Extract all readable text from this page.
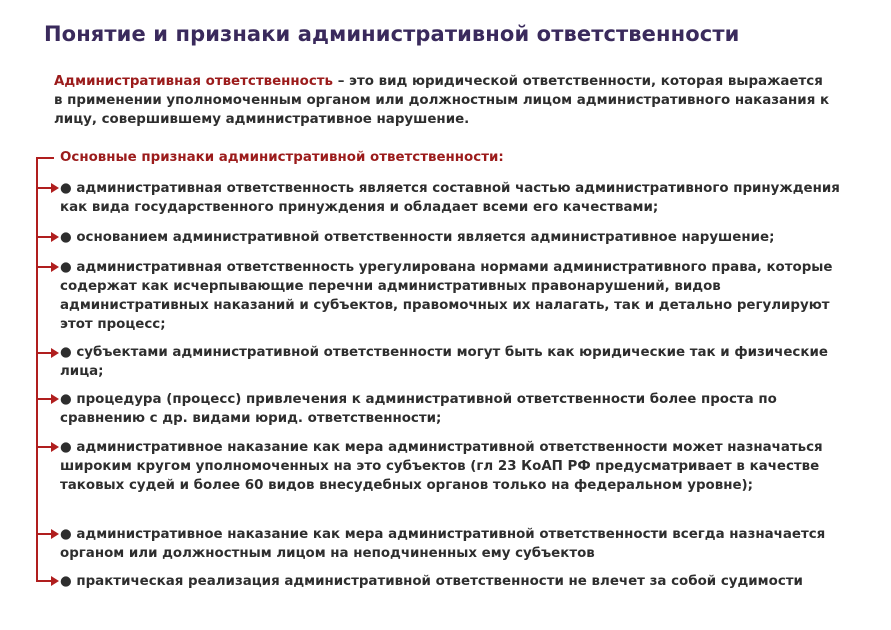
Понятие и признаки административной ответственности
Административная ответственность – это вид юридической ответственности, которая выражается в применении уполномоченным органом или должностным лицом административного наказания к лицу, совершившему административное нарушение.
Основные признаки административной ответственности:
● административная ответственность является составной частью административного принуждения как вида государственного принуждения и обладает всеми его качествами;
● основанием административной ответственности является административное нарушение;
● административная ответственность урегулирована нормами административного права, которые содержат как исчерпывающие перечни административных правонарушений, видов административных наказаний и субъектов, правомочных их налагать, так и детально регулируют этот процесс;
● субъектами административной ответственности могут быть как юридические так и физические лица;
● процедура (процесс) привлечения к административной ответственности более проста по сравнению с др. видами юрид. ответственности;
● административное наказание как мера административной ответственности может назначаться широким кругом уполномоченных на это субъектов (гл 23 КоАП РФ предусматривает в качестве таковых судей и более 60 видов внесудебных органов только на федеральном уровне);
● административное наказание как мера административной ответственности всегда назначается органом или должностным лицом на неподчиненных ему субъектов
● практическая реализация административной ответственности не влечет за собой судимости
